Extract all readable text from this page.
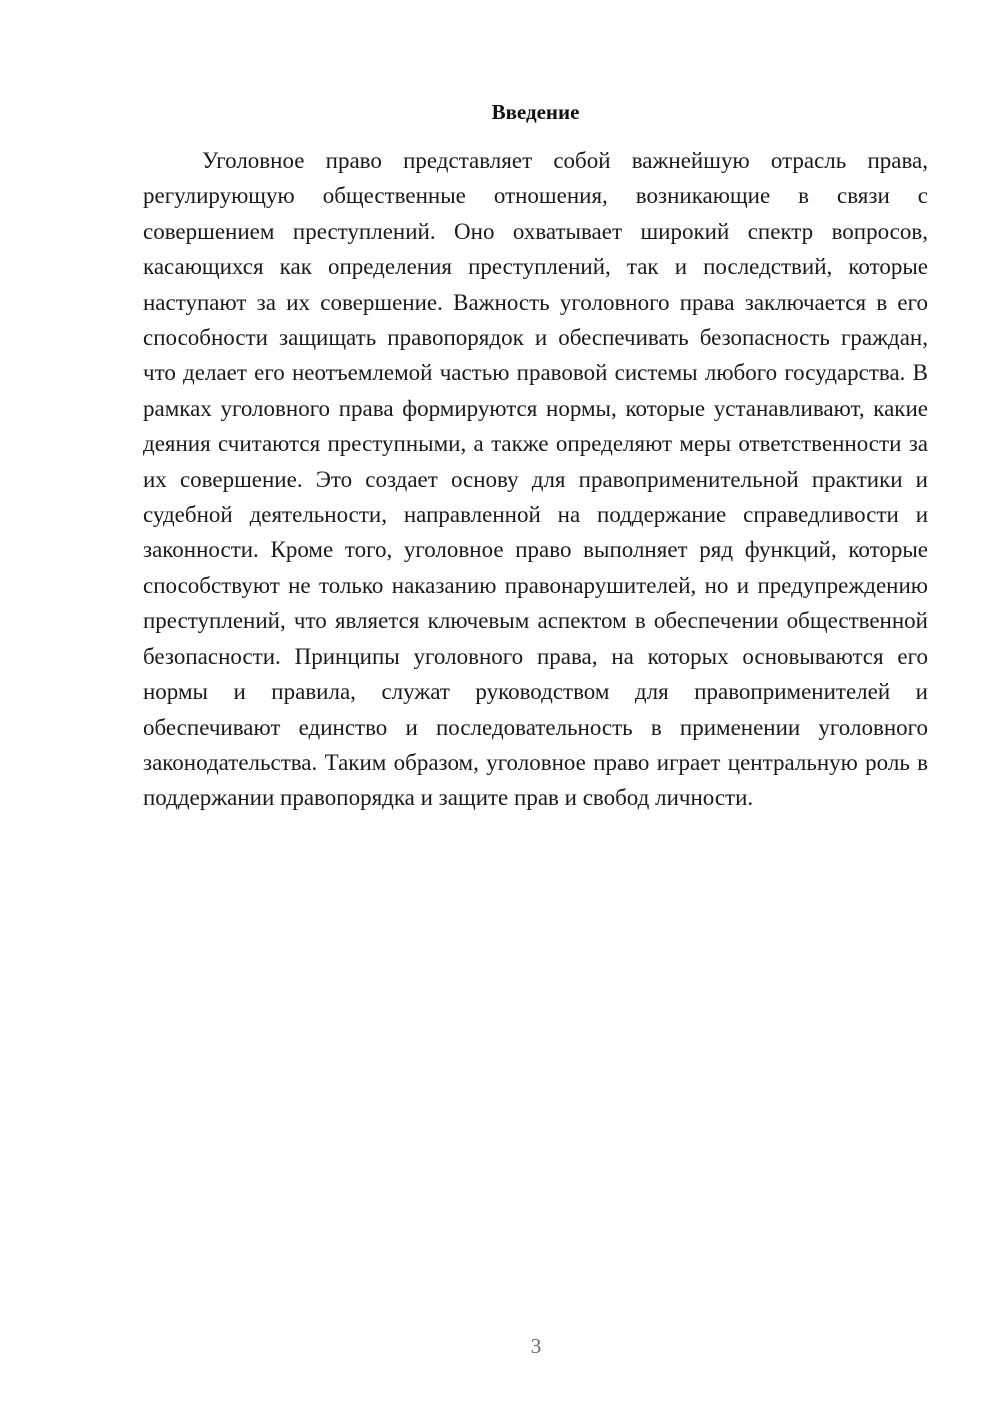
Введение

Уголовное право представляет собой важнейшую отрасль права, регулирующую общественные отношения, возникающие в связи с совершением преступлений. Оно охватывает широкий спектр вопросов, касающихся как определения преступлений, так и последствий, которые наступают за их совершение. Важность уголовного права заключается в его способности защищать правопорядок и обеспечивать безопасность граждан, что делает его неотъемлемой частью правовой системы любого государства. В рамках уголовного права формируются нормы, которые устанавливают, какие деяния считаются преступными, а также определяют меры ответственности за их совершение. Это создает основу для правоприменительной практики и судебной деятельности, направленной на поддержание справедливости и законности. Кроме того, уголовное право выполняет ряд функций, которые способствуют не только наказанию правонарушителей, но и предупреждению преступлений, что является ключевым аспектом в обеспечении общественной безопасности. Принципы уголовного права, на которых основываются его нормы и правила, служат руководством для правоприменителей и обеспечивают единство и последовательность в применении уголовного законодательства. Таким образом, уголовное право играет центральную роль в поддержании правопорядка и защите прав и свобод личности.

3
